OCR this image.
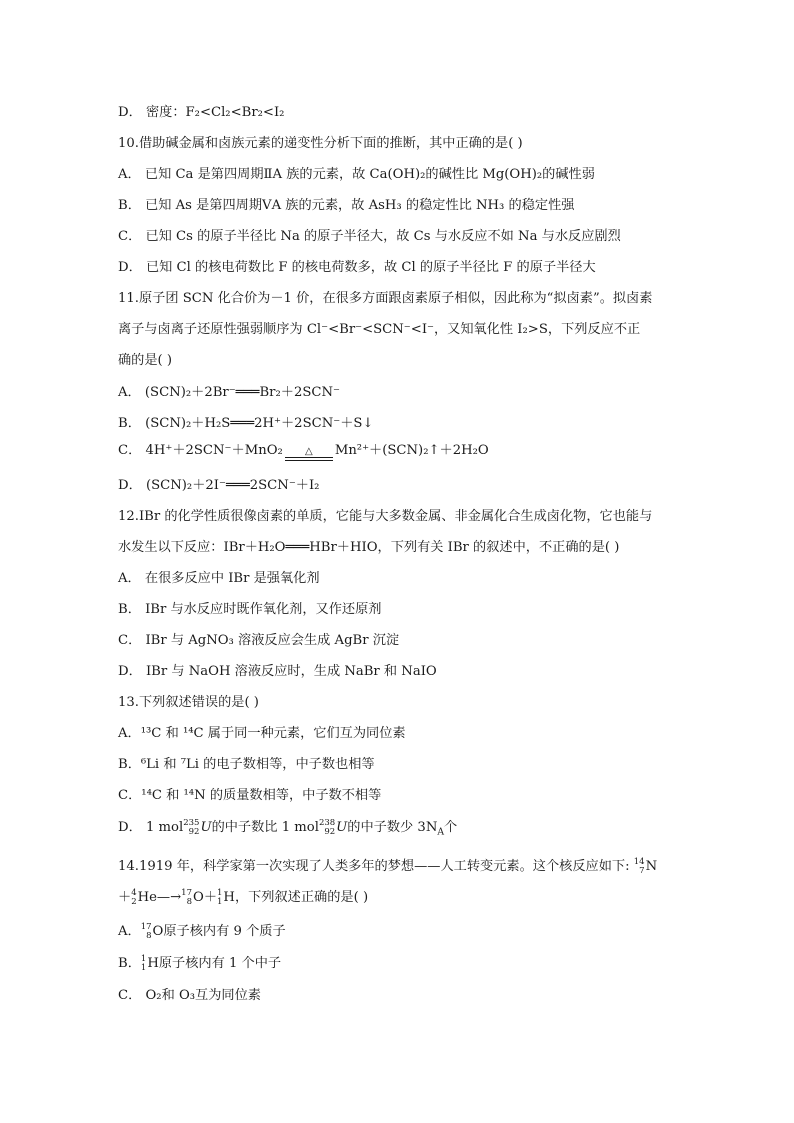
D． 密度：F₂<Cl₂<Br₂<I₂
10.借助碱金属和卤族元素的递变性分析下面的推断，其中正确的是( )
A． 已知 Ca 是第四周期ⅡA 族的元素，故 Ca(OH)₂的碱性比 Mg(OH)₂的碱性弱
B． 已知 As 是第四周期ⅤA 族的元素，故 AsH₃ 的稳定性比 NH₃ 的稳定性强
C． 已知 Cs 的原子半径比 Na 的原子半径大，故 Cs 与水反应不如 Na 与水反应剧烈
D． 已知 Cl 的核电荷数比 F 的核电荷数多，故 Cl 的原子半径比 F 的原子半径大
11.原子团 SCN 化合价为－1 价，在很多方面跟卤素原子相似，因此称为“拟卤素”。拟卤素
离子与卤离子还原性强弱顺序为 Cl⁻<Br⁻<SCN⁻<I⁻，又知氧化性 I₂>S，下列反应不正
确的是( )
A． (SCN)₂＋2Br⁻═══Br₂＋2SCN⁻
B． (SCN)₂＋H₂S═══2H⁺＋2SCN⁻＋S↓
C． 4H⁺＋2SCN⁻＋MnO₂	△	Mn²⁺＋(SCN)₂↑＋2H₂O
D． (SCN)₂＋2I⁻═══2SCN⁻＋I₂
12.IBr 的化学性质很像卤素的单质，它能与大多数金属、非金属化合生成卤化物，它也能与
水发生以下反应：IBr＋H₂O═══HBr＋HIO，下列有关 IBr 的叙述中，不正确的是( )
A． 在很多反应中 IBr 是强氧化剂
B． IBr 与水反应时既作氧化剂，又作还原剂
C． IBr 与 AgNO₃ 溶液反应会生成 AgBr 沉淀
D． IBr 与 NaOH 溶液反应时，生成 NaBr 和 NaIO
13.下列叙述错误的是( )
A．¹³C 和 ¹⁴C 属于同一种元素，它们互为同位素
B．⁶Li 和 ⁷Li 的电子数相等，中子数也相等
C．¹⁴C 和 ¹⁴N 的质量数相等，中子数不相等
D． 1 mol 235
92 U的中子数比 1 mol 238
92 U的中子数少 $3N_A$个
14.1919 年，科学家第一次实现了人类多年的梦想——人工转变元素。这个核反应如下: 14
7 N
＋ 4
2 He—→ 17
8 O＋ 1
1 H，下列叙述正确的是( )
A． 17
8 O原子核内有 9 个质子
B． 1
1 H原子核内有 1 个中子
C． O₂和 O₃互为同位素
